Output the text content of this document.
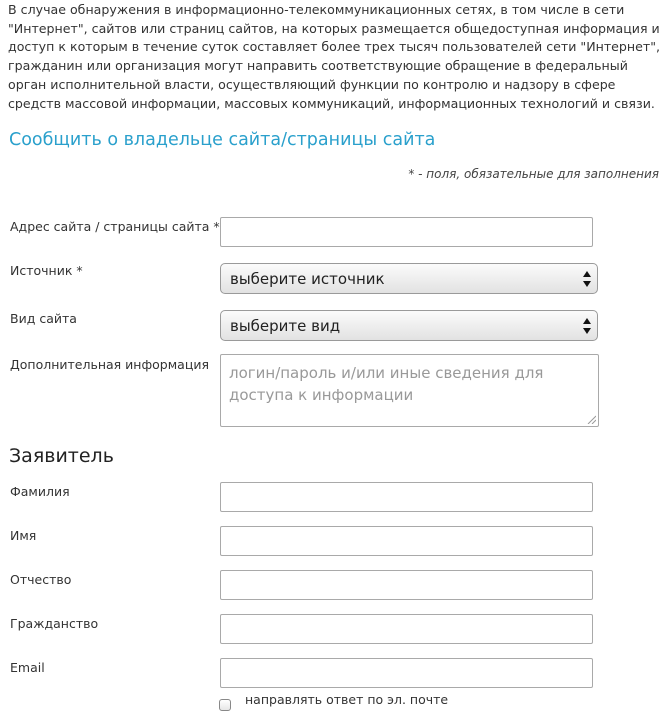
В случае обнаружения в информационно-телекоммуникационных сетях, в том числе в сети "Интернет", сайтов или страниц сайтов, на которых размещается общедоступная информация и доступ к которым в течение суток составляет более трех тысяч пользователей сети "Интернет", гражданин или организация могут направить соответствующие обращение в федеральный орган исполнительной власти, осуществляющий функции по контролю и надзору в сфере средств массовой информации, массовых коммуникаций, информационных технологий и связи.

Сообщить о владельце сайта/страницы сайта
* - поля, обязательные для заполнения
Адрес сайта / страницы сайта *
Источник *	выберите источник
Вид сайта	выберите вид
Дополнительная информация	логин/пароль и/или иные сведения для доступа к информации
Заявитель
Фамилия
Имя
Отчество
Гражданство
Email
направлять ответ по эл. почте
